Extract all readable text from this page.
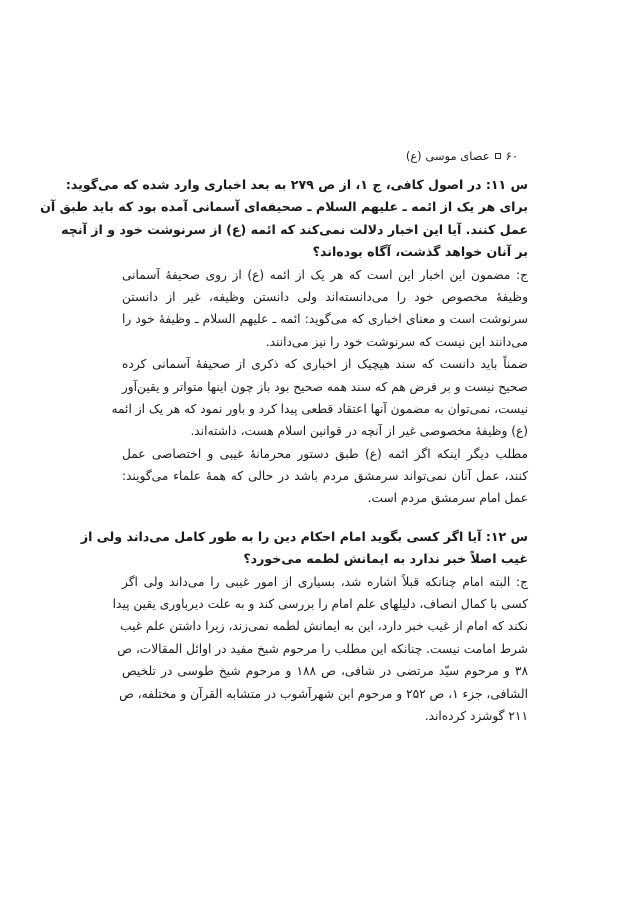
۶۰
عصای موسی (ع)
س ۱۱: در اصول کافی، ج ۱، از ص ۲۷۹ به بعد اخباری وارد شده که می‌گوید:
برای هر یک از ائمه ـ علیهم السلام ـ صحیفه‌ای آسمانی آمده بود که باید طبق آن
عمل کنند. آیا این اخبار دلالت نمی‌کند که ائمه (ع) از سرنوشت خود و از آنچه
بر آنان خواهد گذشت، آگاه بوده‌اند؟
ج: مضمون این اخبار این است که هر یک از ائمه (ع) از روی صحیفهٔ آسمانی
وظیفهٔ مخصوص خود را می‌دانسته‌اند ولی دانستن وظیفه، غیر از دانستن
سرنوشت است و معنای اخباری که می‌گوید: ائمه ـ علیهم السلام ـ وظیفهٔ خود را
می‌دانند این نیست که سرنوشت خود را نیز می‌دانند.
ضمناً باید دانست که سند هیچیک از اخباری که ذکری از صحیفهٔ آسمانی کرده
صحیح نیست و بر فرض هم که سند همه صحیح بود باز چون اینها متواتر و یقین‌آور
نیست، نمی‌توان به مضمون آنها اعتقاد قطعی پیدا کرد و باور نمود که هر یک از ائمه
(ع) وظیفهٔ مخصوصی غیر از آنچه در قوانین اسلام هست، داشته‌اند.
مطلب دیگر اینکه اگر ائمه (ع) طبق دستور محرمانهٔ غیبی و اختصاصی عمل
کنند، عمل آنان نمی‌تواند سرمشق مردم باشد در حالی که همهٔ علماء می‌گویند:
عمل امام سرمشق مردم است.
س ۱۲: آیا اگر کسی بگوید امام احکام دین را به طور کامل می‌داند ولی از
غیب اصلاً خبر ندارد به ایمانش لطمه می‌خورد؟
ج: البته امام چنانکه قبلاً اشاره شد، بسیاری از امور غیبی را می‌داند ولی اگر
کسی با کمال انصاف، دلیلهای علم امام را بررسی کند و به علت دیرباوری یقین پیدا
نکند که امام از غیب خبر دارد، این به ایمانش لطمه نمی‌زند، زیرا داشتن علم غیب
شرط امامت نیست. چنانکه این مطلب را مرحوم شیخ مفید در اوائل المقالات، ص
۳۸ و مرحوم سیّد مرتضی در شافی، ص ۱۸۸ و مرحوم شیخ طوسی در تلخیص
الشافی، جزء ۱، ص ۲۵۲ و مرحوم ابن شهرآشوب در متشابه القرآن و مختلفه، ص
۲۱۱ گوشزد کرده‌اند.
